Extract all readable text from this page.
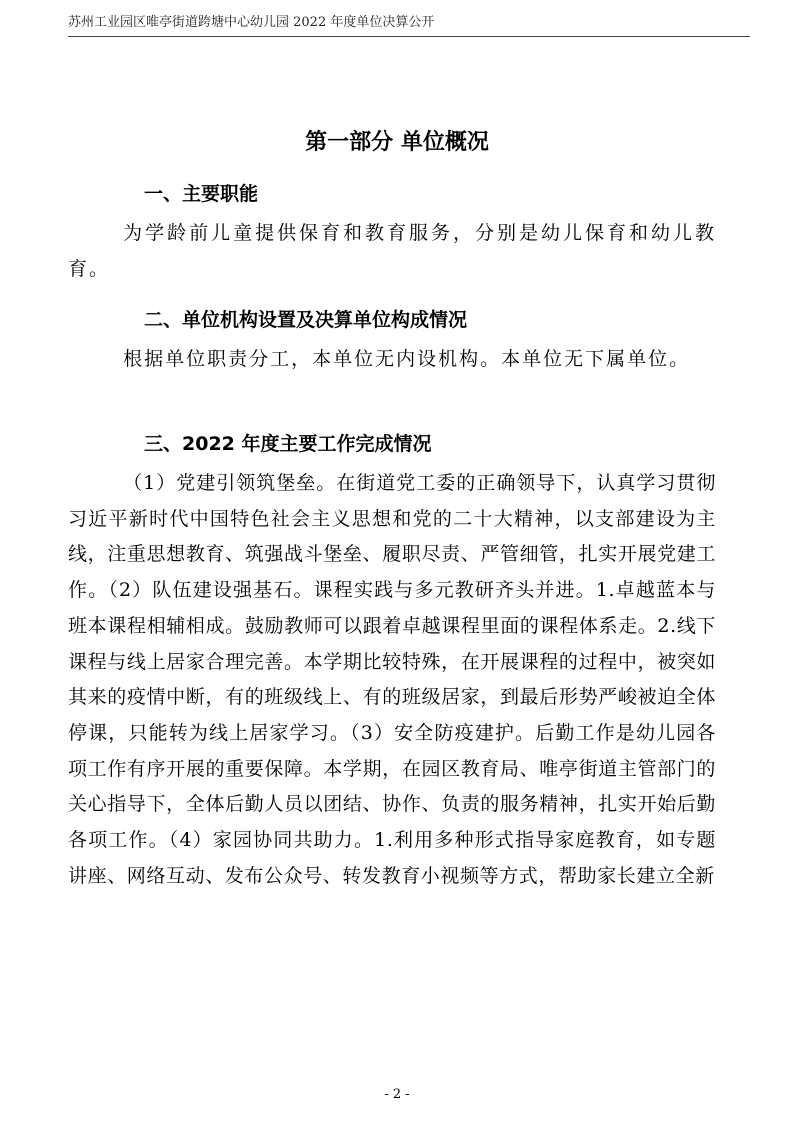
苏州工业园区唯亭街道跨塘中心幼儿园 2022 年度单位决算公开
第一部分 单位概况
一、主要职能
为学龄前儿童提供保育和教育服务，分别是幼儿保育和幼儿教育。
二、单位机构设置及决算单位构成情况
根据单位职责分工，本单位无内设机构。本单位无下属单位。
三、2022 年度主要工作完成情况
（1）党建引领筑堡垒。在街道党工委的正确领导下，认真学习贯彻习近平新时代中国特色社会主义思想和党的二十大精神，以支部建设为主线，注重思想教育、筑强战斗堡垒、履职尽责、严管细管，扎实开展党建工作。（2）队伍建设强基石。课程实践与多元教研齐头并进。1.卓越蓝本与班本课程相辅相成。鼓励教师可以跟着卓越课程里面的课程体系走。2.线下课程与线上居家合理完善。本学期比较特殊，在开展课程的过程中，被突如其来的疫情中断，有的班级线上、有的班级居家，到最后形势严峻被迫全体停课，只能转为线上居家学习。（3）安全防疫建护。后勤工作是幼儿园各项工作有序开展的重要保障。本学期，在园区教育局、唯亭街道主管部门的关心指导下，全体后勤人员以团结、协作、负责的服务精神，扎实开始后勤各项工作。（4）家园协同共助力。1.利用多种形式指导家庭教育，如专题讲座、网络互动、发布公众号、转发教育小视频等方式，帮助家长建立全新
- 2 -
